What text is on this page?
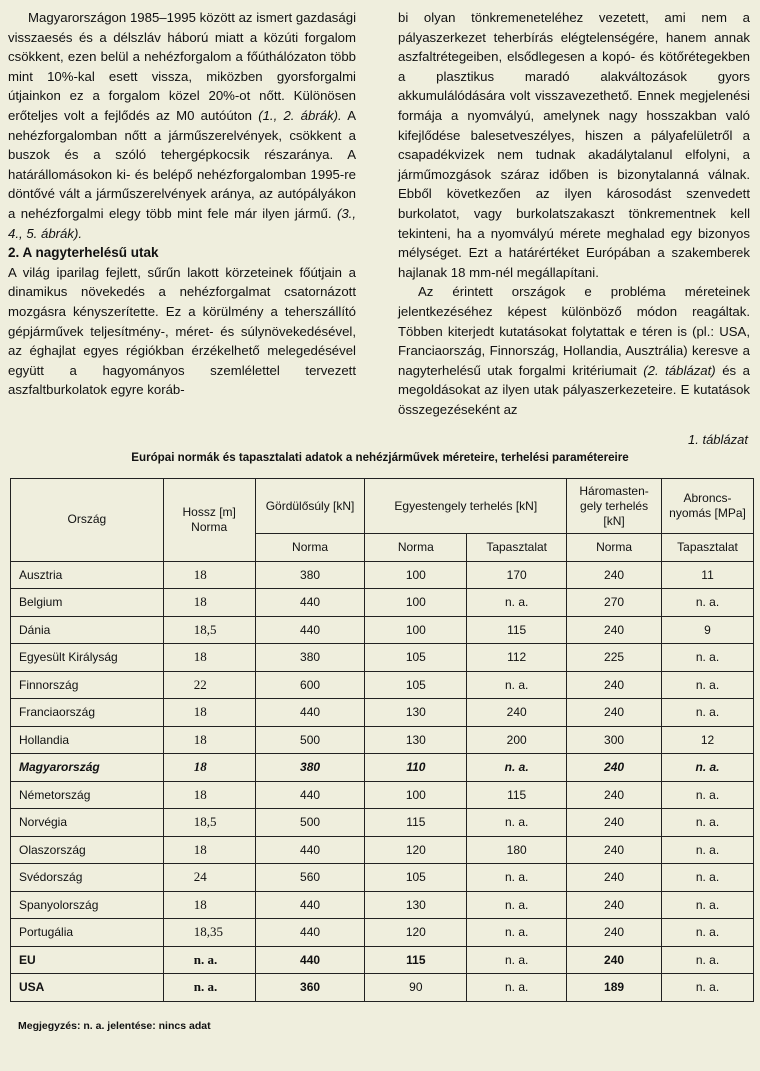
Magyarországon 1985–1995 között az ismert gazdasági visszaesés és a délszláv háború miatt a közúti forgalom csökkent, ezen belül a nehézforgalom a főúthálózaton több mint 10%-kal esett vissza, miközben gyorsforgalmi útjainkon ez a forgalom közel 20%-ot nőtt. Különösen erőteljes volt a fejlődés az M0 autóúton (1., 2. ábrák). A nehézforgalomban nőtt a járműszerelvények, csökkent a buszok és a szóló tehergépkocsik részaránya. A határállomásokon ki- és belépő nehézforgalomban 1995-re döntővé vált a járműszerelvények aránya, az autópályákon a nehézforgalmi elegy több mint fele már ilyen jármű. (3., 4., 5. ábrák).

2. A nagyterhelésű utak

A világ iparilag fejlett, sűrűn lakott körzeteinek főútjain a dinamikus növekedés a nehézforgalmat csatornázott mozgásra kényszerítette. Ez a körülmény a teherszállító gépjárművek teljesítmény-, méret- és súlynövekedésével, az éghajlat egyes régiókban érzékelhető melegedésével együtt a hagyományos szemlélettel tervezett aszfaltburkolatok egyre koráb-

bi olyan tönkremeneteléhez vezetett, ami nem a pályaszerkezet teherbírás elégtelenségére, hanem annak aszfaltrétegeiben, elsődlegesen a kopó- és kötőrétegekben a plasztikus maradó alakváltozások gyors akkumulálódására volt visszavezethető. Ennek megjelenési formája a nyomvályú, amelynek nagy hosszakban való kifejlődése balesetveszélyes, hiszen a pályafelületről a csapadékvizek nem tudnak akadálytalanul elfolyni, a járműmozgások száraz időben is bizonytalanná válnak. Ebből következően az ilyen károsodást szenvedett burkolatot, vagy burkolatszakaszt tönkrementnek kell tekinteni, ha a nyomvályú mérete meghalad egy bizonyos mélységet. Ezt a határértéket Európában a szakemberek hajlanak 18 mm-nél megállapítani.

Az érintett országok e probléma méreteinek jelentkezéséhez képest különböző módon reagáltak. Többen kiterjedt kutatásokat folytattak e téren is (pl.: USA, Franciaország, Finnország, Hollandia, Ausztrália) keresve a nagyterhelésű utak forgalmi kritériumait (2. táblázat) és a megoldásokat az ilyen utak pályaszerkezeteire. E kutatások összegezéseként az

1. táblázat
Európai normák és tapasztalati adatok a nehézjárművek méreteire, terhelési paramétereire
Ország	Hossz [m] Norma	Gördülősúly [kN]	Egyestengely terhelés [kN]		Háromasten-gely terhelés [kN]	Abroncs-nyomás [MPa]
		Norma	Norma	Tapasztalat	Norma	Tapasztalat
Ausztria	18	380	100	170	240	11
Belgium	18	440	100	n. a.	270	n. a.
Dánia	18,5	440	100	115	240	9
Egyesült Királyság	18	380	105	112	225	n. a.
Finnország	22	600	105	n. a.	240	n. a.
Franciaország	18	440	130	240	240	n. a.
Hollandia	18	500	130	200	300	12
Magyarország	18	380	110	n. a.	240	n. a.
Németország	18	440	100	115	240	n. a.
Norvégia	18,5	500	115	n. a.	240	n. a.
Olaszország	18	440	120	180	240	n. a.
Svédország	24	560	105	n. a.	240	n. a.
Spanyolország	18	440	130	n. a.	240	n. a.
Portugália	18,35	440	120	n. a.	240	n. a.
EU	n. a.	440	115	n. a.	240	n. a.
USA	n. a.	360	90	n. a.	189	n. a.
Megjegyzés: n. a. jelentése: nincs adat
